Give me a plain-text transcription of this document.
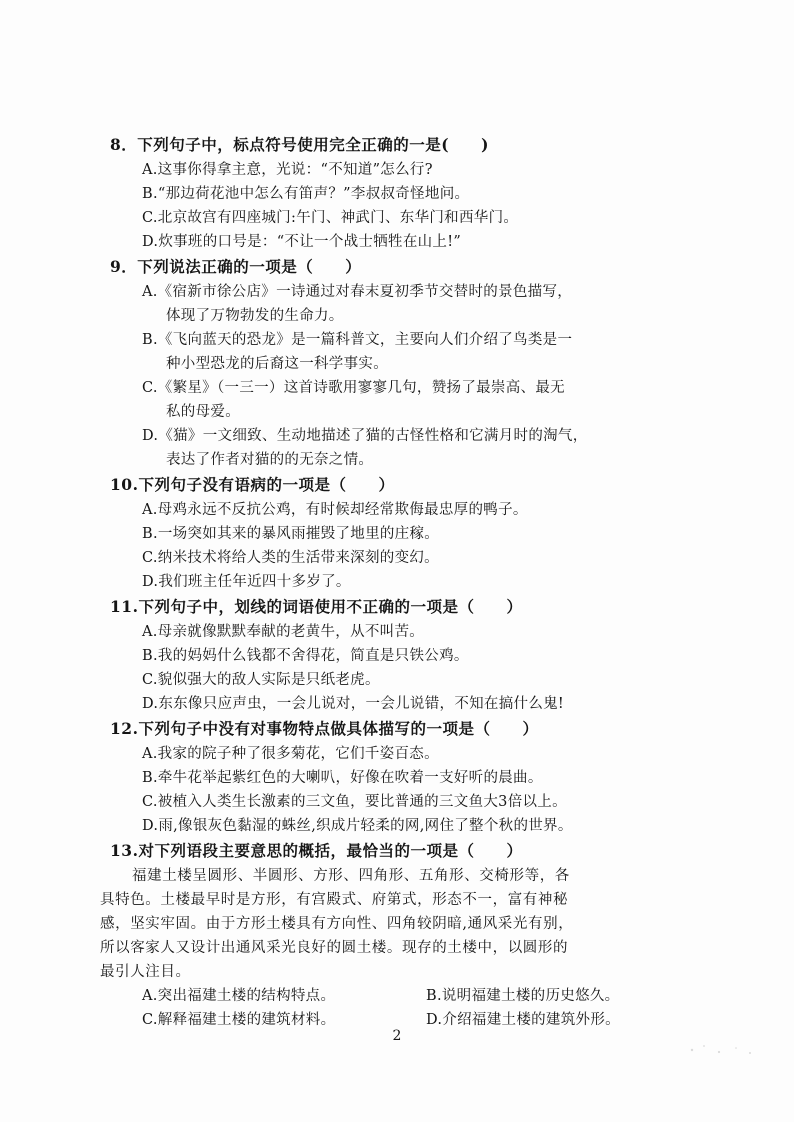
8．下列句子中，标点符号使用完全正确的一是(　　)
A.这事你得拿主意，光说：“不知道”怎么行?
B.“那边荷花池中怎么有笛声？”李叔叔奇怪地问。
C.北京故宫有四座城门:午门、神武门、东华门和西华门。
D.炊事班的口号是：“不让一个战士牺牲在山上!”
9．下列说法正确的一项是（　　）
A.《宿新市徐公店》一诗通过对春末夏初季节交替时的景色描写，
体现了万物勃发的生命力。
B.《飞向蓝天的恐龙》是一篇科普文，主要向人们介绍了鸟类是一
种小型恐龙的后裔这一科学事实。
C.《繁星》（一三一）这首诗歌用寥寥几句，赞扬了最崇高、最无
私的母爱。
D.《猫》一文细致、生动地描述了猫的古怪性格和它满月时的淘气，
表达了作者对猫的的无奈之情。
10.下列句子没有语病的一项是（　　）
A.母鸡永远不反抗公鸡，有时候却经常欺侮最忠厚的鸭子。
B.一场突如其来的暴风雨摧毁了地里的庄稼。
C.纳米技术将给人类的生活带来深刻的变幻。
D.我们班主任年近四十多岁了。
11.下列句子中，划线的词语使用不正确的一项是（　　）
A.母亲就像默默奉献的老黄牛，从不叫苦。
B.我的妈妈什么钱都不舍得花，简直是只铁公鸡。
C.貌似强大的敌人实际是只纸老虎。
D.东东像只应声虫，一会儿说对，一会儿说错，不知在搞什么鬼!
12.下列句子中没有对事物特点做具体描写的一项是（　　）
A.我家的院子种了很多菊花，它们千姿百态。
B.牵牛花举起紫红色的大喇叭，好像在吹着一支好听的晨曲。
C.被植入人类生长激素的三文鱼，要比普通的三文鱼大3倍以上。
D.雨,像银灰色黏湿的蛛丝,织成片轻柔的网,网住了整个秋的世界。
13.对下列语段主要意思的概括，最恰当的一项是（　　）
福建土楼呈圆形、半圆形、方形、四角形、五角形、交椅形等，各
具特色。土楼最早时是方形，有宫殿式、府第式，形态不一，富有神秘
感，坚实牢固。由于方形土楼具有方向性、四角较阴暗,通风采光有别，
所以客家人又设计出通风采光良好的圆土楼。现存的土楼中，以圆形的
最引人注目。
A.突出福建土楼的结构特点。	B.说明福建土楼的历史悠久。
C.解释福建土楼的建筑材料。	D.介绍福建土楼的建筑外形。
2
